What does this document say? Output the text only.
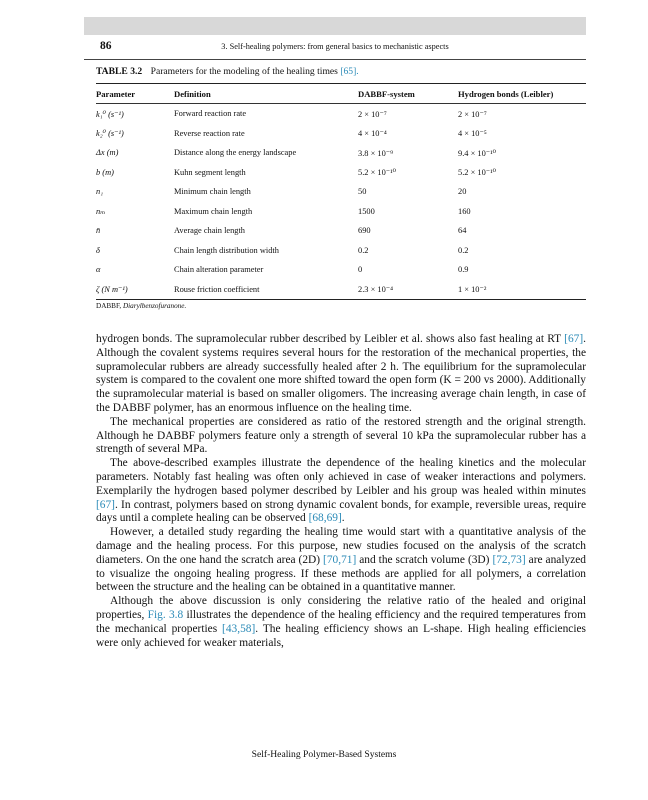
86	3. Self-healing polymers: from general basics to mechanistic aspects
TABLE 3.2 Parameters for the modeling of the healing times [65].
Parameter	Definition	DABBF-system	Hydrogen bonds (Leibler)
k₁⁰ (s⁻¹)	Forward reaction rate	2 × 10⁻⁷	2 × 10⁻⁷
k₂⁰ (s⁻¹)	Reverse reaction rate	4 × 10⁻⁴	4 × 10⁻⁵
Δx (m)	Distance along the energy landscape	3.8 × 10⁻⁹	9.4 × 10⁻¹⁰
b (m)	Kuhn segment length	5.2 × 10⁻¹⁰	5.2 × 10⁻¹⁰
n₁	Minimum chain length	50	20
nₘ	Maximum chain length	1500	160
n̄	Average chain length	690	64
δ	Chain length distribution width	0.2	0.2
α	Chain alteration parameter	0	0.9
ζ (N m⁻¹)	Rouse friction coefficient	2.3 × 10⁻⁴	1 × 10⁻²
DABBF, Diarylbenzofuranone.

hydrogen bonds. The supramolecular rubber described by Leibler et al. shows also fast healing at RT [67]. Although the covalent systems requires several hours for the restoration of the mechanical properties, the supramolecular rubbers are already successfully healed after 2 h. The equilibrium for the supramolecular system is compared to the covalent one more shifted toward the open form (K = 200 vs 2000). Additionally the supramolecular material is based on smaller oligomers. The increasing average chain length, in case of the DABBF polymer, has an enormous influence on the healing time.

The mechanical properties are considered as ratio of the restored strength and the original strength. Although he DABBF polymers feature only a strength of several 10 kPa the supramolecular rubber has a strength of several MPa.

The above-described examples illustrate the dependence of the healing kinetics and the molecular parameters. Notably fast healing was often only achieved in case of weaker interactions and polymers. Exemplarily the hydrogen based polymer described by Leibler and his group was healed within minutes [67]. In contrast, polymers based on strong dynamic covalent bonds, for example, reversible ureas, require days until a complete healing can be observed [68,69].

However, a detailed study regarding the healing time would start with a quantitative analysis of the damage and the healing process. For this purpose, new studies focused on the analysis of the scratch diameters. On the one hand the scratch area (2D) [70,71] and the scratch volume (3D) [72,73] are analyzed to visualize the ongoing healing progress. If these methods are applied for all polymers, a correlation between the structure and the healing can be obtained in a quantitative manner.

Although the above discussion is only considering the relative ratio of the healed and original properties, Fig. 3.8 illustrates the dependence of the healing efficiency and the required temperatures from the mechanical properties [43,58]. The healing efficiency shows an L-shape. High healing efficiencies were only achieved for weaker materials,

Self-Healing Polymer-Based Systems
